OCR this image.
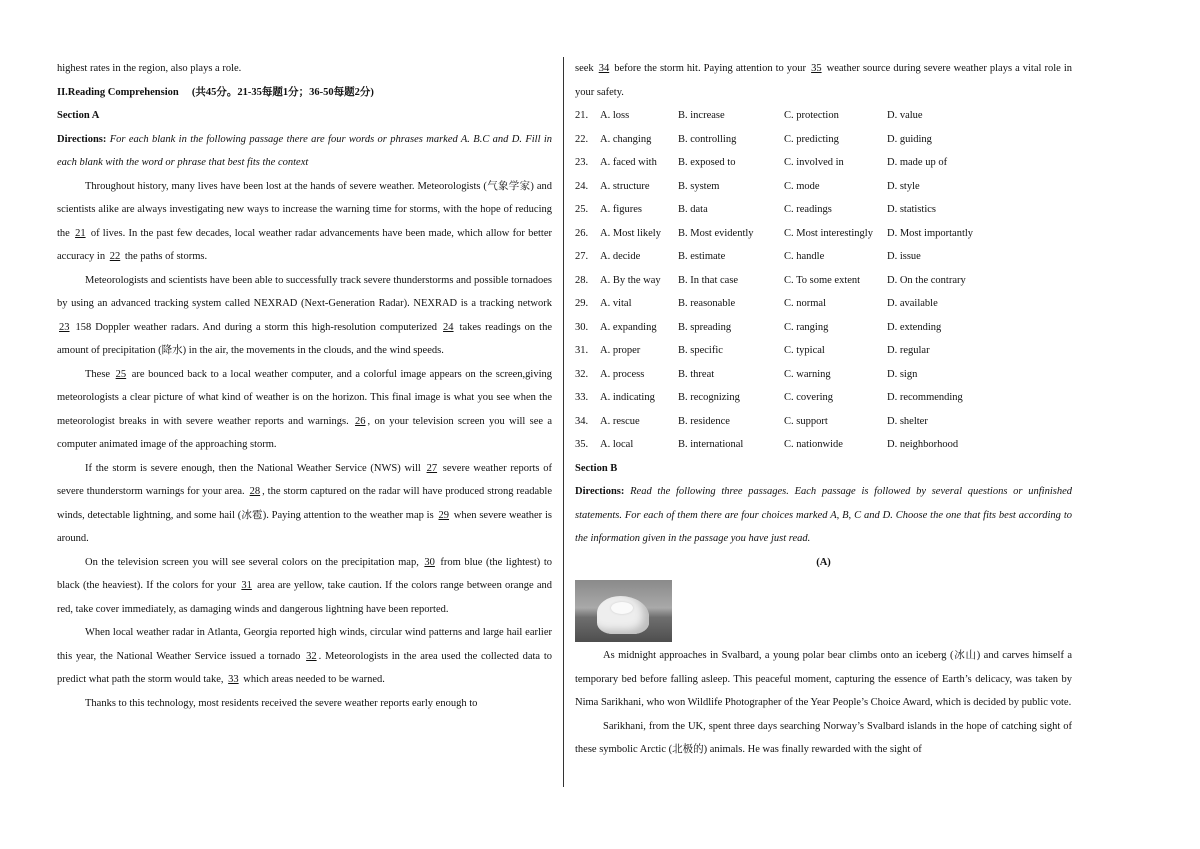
highest rates in the region, also plays a role.

II.Reading Comprehension (共45分。21-35每题1分；36-50每题2分)

Section A

Directions: For each blank in the following passage there are four words or phrases marked A. B.C and D. Fill in each blank with the word or phrase that best fits the context

Throughout history, many lives have been lost at the hands of severe weather. Meteorologists (气象学家) and scientists alike are always investigating new ways to increase the warning time for storms, with the hope of reducing the 21 of lives. In the past few decades, local weather radar advancements have been made, which allow for better accuracy in 22 the paths of storms.

Meteorologists and scientists have been able to successfully track severe thunderstorms and possible tornadoes by using an advanced tracking system called NEXRAD (Next-Generation Radar). NEXRAD is a tracking network 23 158 Doppler weather radars. And during a storm this high-resolution computerized 24 takes readings on the amount of precipitation (降水) in the air, the movements in the clouds, and the wind speeds.

These 25 are bounced back to a local weather computer, and a colorful image appears on the screen,giving meteorologists a clear picture of what kind of weather is on the horizon. This final image is what you see when the meteorologist breaks in with severe weather reports and warnings. 26 , on your television screen you will see a computer animated image of the approaching storm.

If the storm is severe enough, then the National Weather Service (NWS) will 27 severe weather reports of severe thunderstorm warnings for your area. 28 , the storm captured on the radar will have produced strong readable winds, detectable lightning, and some hail (冰雹). Paying attention to the weather map is 29 when severe weather is around.

On the television screen you will see several colors on the precipitation map, 30 from blue (the lightest) to black (the heaviest). If the colors for your 31 area are yellow, take caution. If the colors range between orange and red, take cover immediately, as damaging winds and dangerous lightning have been reported.

When local weather radar in Atlanta, Georgia reported high winds, circular wind patterns and large hail earlier this year, the National Weather Service issued a tornado 32 . Meteorologists in the area used the collected data to predict what path the storm would take, 33 which areas needed to be warned.

Thanks to this technology, most residents received the severe weather reports early enough to

seek 34 before the storm hit. Paying attention to your 35 weather source during severe weather plays a vital role in your safety.

21.	A. loss	B. increase	C. protection	D. value
22.	A. changing	B. controlling	C. predicting	D. guiding
23.	A. faced with	B. exposed to	C. involved in	D. made up of
24.	A. structure	B. system	C. mode	D. style
25.	A. figures	B. data	C. readings	D. statistics
26.	A. Most likely	B. Most evidently	C. Most interestingly	D. Most importantly
27.	A. decide	B. estimate	C. handle	D. issue
28.	A. By the way	B. In that case	C. To some extent	D. On the contrary
29.	A. vital	B. reasonable	C. normal	D. available
30.	A. expanding	B. spreading	C. ranging	D. extending
31.	A. proper	B. specific	C. typical	D. regular
32.	A. process	B. threat	C. warning	D. sign
33.	A. indicating	B. recognizing	C. covering	D. recommending
34.	A. rescue	B. residence	C. support	D. shelter
35.	A. local	B. international	C. nationwide	D. neighborhood

Section B

Directions: Read the following three passages. Each passage is followed by several questions or unfinished statements. For each of them there are four choices marked A, B, C and D. Choose the one that fits best according to the information given in the passage you have just read.

(A)

As midnight approaches in Svalbard, a young polar bear climbs onto an iceberg (冰山) and carves himself a temporary bed before falling asleep. This peaceful moment, capturing the essence of Earth’s delicacy, was taken by Nima Sarikhani, who won Wildlife Photographer of the Year People’s Choice Award, which is decided by public vote.

Sarikhani, from the UK, spent three days searching Norway’s Svalbard islands in the hope of catching sight of these symbolic Arctic (北极的) animals. He was finally rewarded with the sight of
